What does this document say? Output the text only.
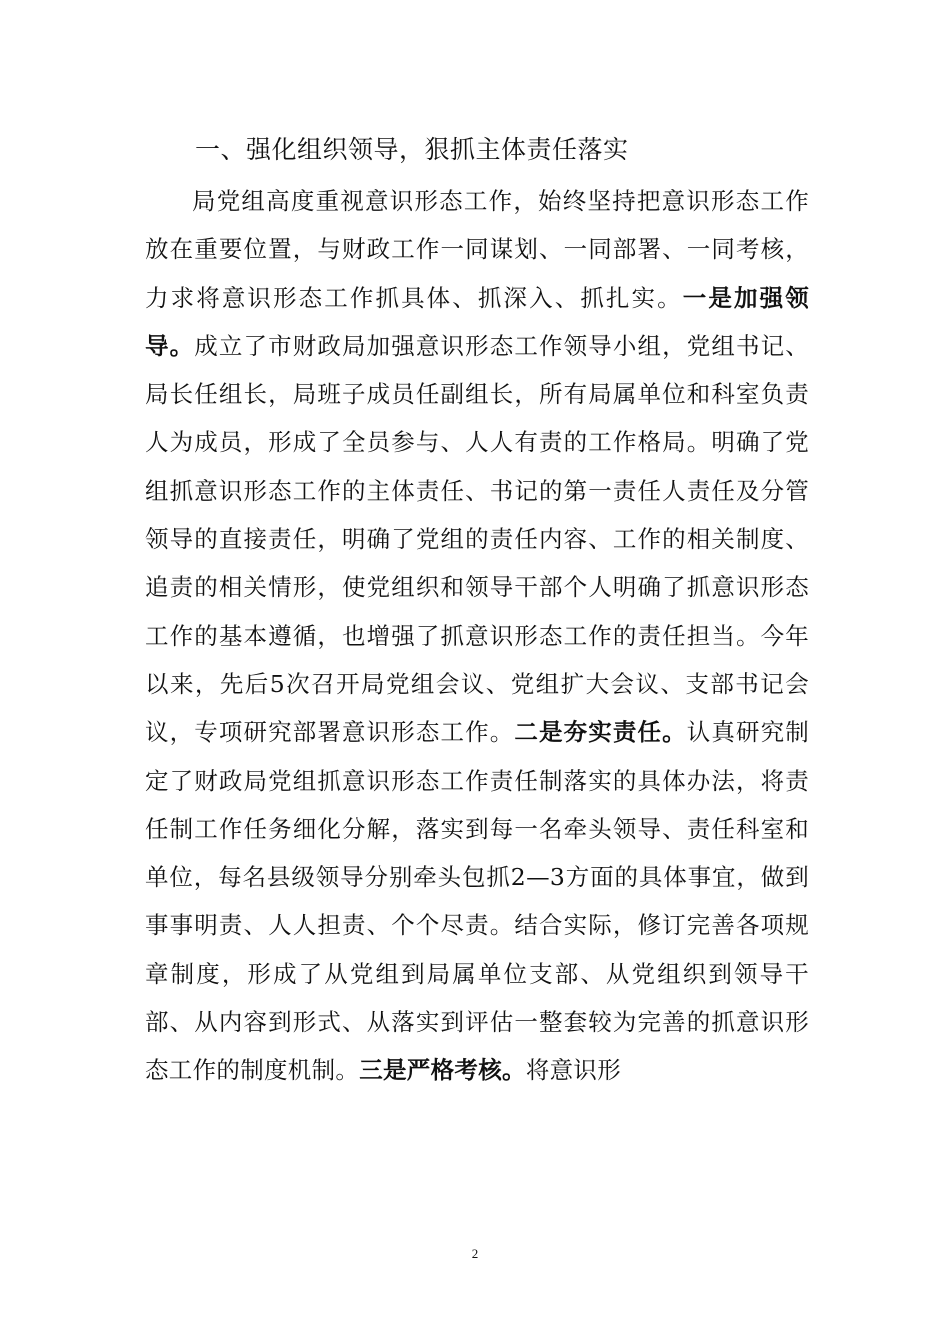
一、强化组织领导，狠抓主体责任落实

局党组高度重视意识形态工作，始终坚持把意识形态工作放在重要位置，与财政工作一同谋划、一同部署、一同考核，力求将意识形态工作抓具体、抓深入、抓扎实。一是加强领导。成立了市财政局加强意识形态工作领导小组，党组书记、局长任组长，局班子成员任副组长，所有局属单位和科室负责人为成员，形成了全员参与、人人有责的工作格局。明确了党组抓意识形态工作的主体责任、书记的第一责任人责任及分管领导的直接责任，明确了党组的责任内容、工作的相关制度、追责的相关情形，使党组织和领导干部个人明确了抓意识形态工作的基本遵循，也增强了抓意识形态工作的责任担当。今年以来，先后5次召开局党组会议、党组扩大会议、支部书记会议，专项研究部署意识形态工作。二是夯实责任。认真研究制定了财政局党组抓意识形态工作责任制落实的具体办法，将责任制工作任务细化分解，落实到每一名牵头领导、责任科室和单位，每名县级领导分别牵头包抓2—3方面的具体事宜，做到事事明责、人人担责、个个尽责。结合实际，修订完善各项规章制度，形成了从党组到局属单位支部、从党组织到领导干部、从内容到形式、从落实到评估一整套较为完善的抓意识形态工作的制度机制。三是严格考核。将意识形

2
